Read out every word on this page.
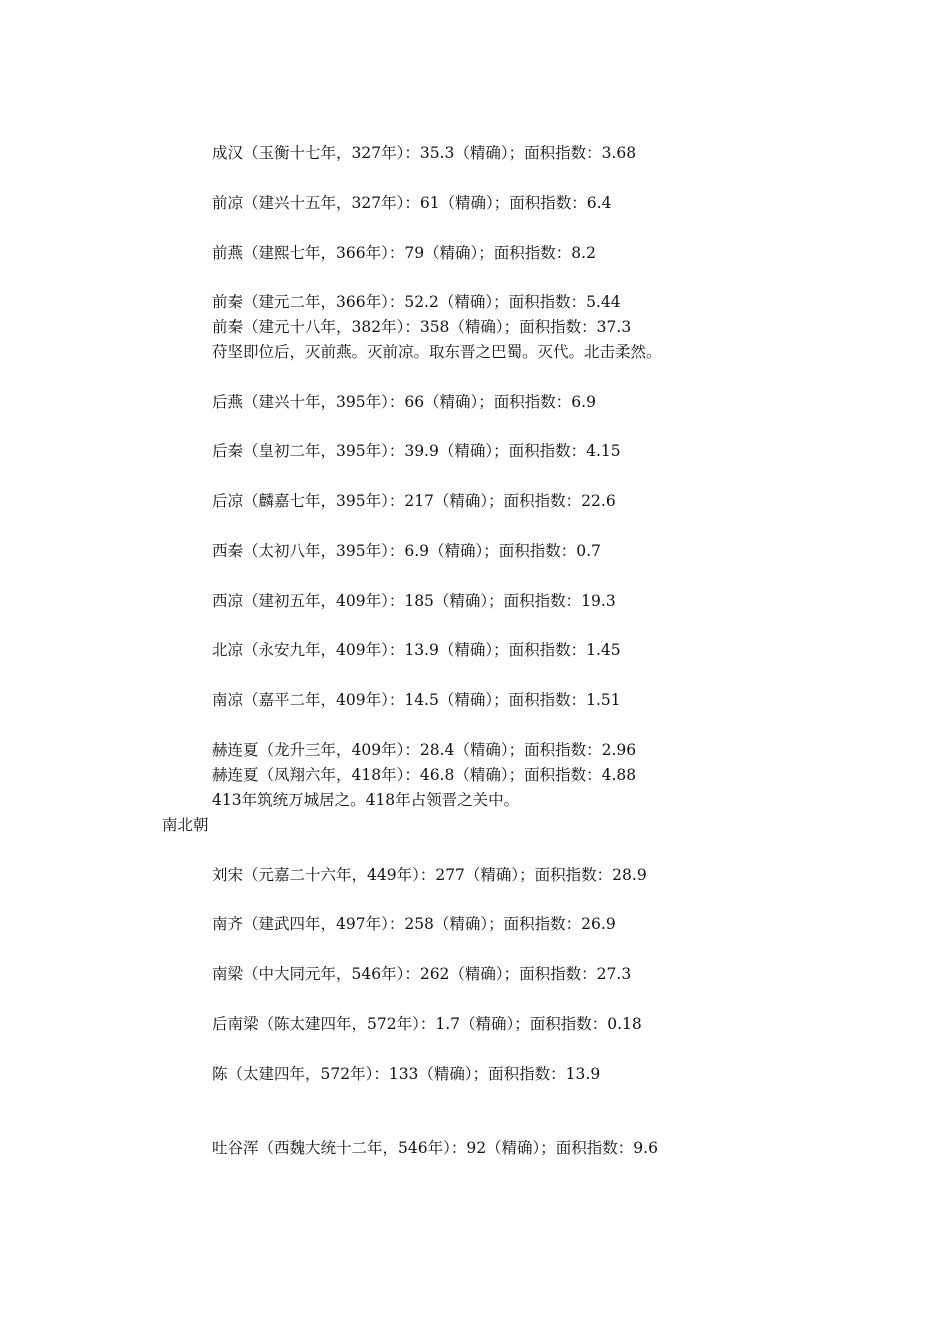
成汉（玉衡十七年，327年）：35.3（精确）；面积指数：3.68
前凉（建兴十五年，327年）：61（精确）；面积指数：6.4
前燕（建熙七年，366年）：79（精确）；面积指数：8.2
前秦（建元二年，366年）：52.2（精确）；面积指数：5.44
前秦（建元十八年，382年）：358（精确）；面积指数：37.3
苻坚即位后，灭前燕。灭前凉。取东晋之巴蜀。灭代。北击柔然。
后燕（建兴十年，395年）：66（精确）；面积指数：6.9
后秦（皇初二年，395年）：39.9（精确）；面积指数：4.15
后凉（麟嘉七年，395年）：217（精确）；面积指数：22.6
西秦（太初八年，395年）：6.9（精确）；面积指数：0.7
西凉（建初五年，409年）：185（精确）；面积指数：19.3
北凉（永安九年，409年）：13.9（精确）；面积指数：1.45
南凉（嘉平二年，409年）：14.5（精确）；面积指数：1.51
赫连夏（龙升三年，409年）：28.4（精确）；面积指数：2.96
赫连夏（凤翔六年，418年）：46.8（精确）；面积指数：4.88
413年筑统万城居之。418年占领晋之关中。
南北朝
刘宋（元嘉二十六年，449年）：277（精确）；面积指数：28.9
南齐（建武四年，497年）：258（精确）；面积指数：26.9
南梁（中大同元年，546年）：262（精确）；面积指数：27.3
后南梁（陈太建四年，572年）：1.7（精确）；面积指数：0.18
陈（太建四年，572年）：133（精确）；面积指数：13.9
吐谷浑（西魏大统十二年，546年）：92（精确）；面积指数：9.6
